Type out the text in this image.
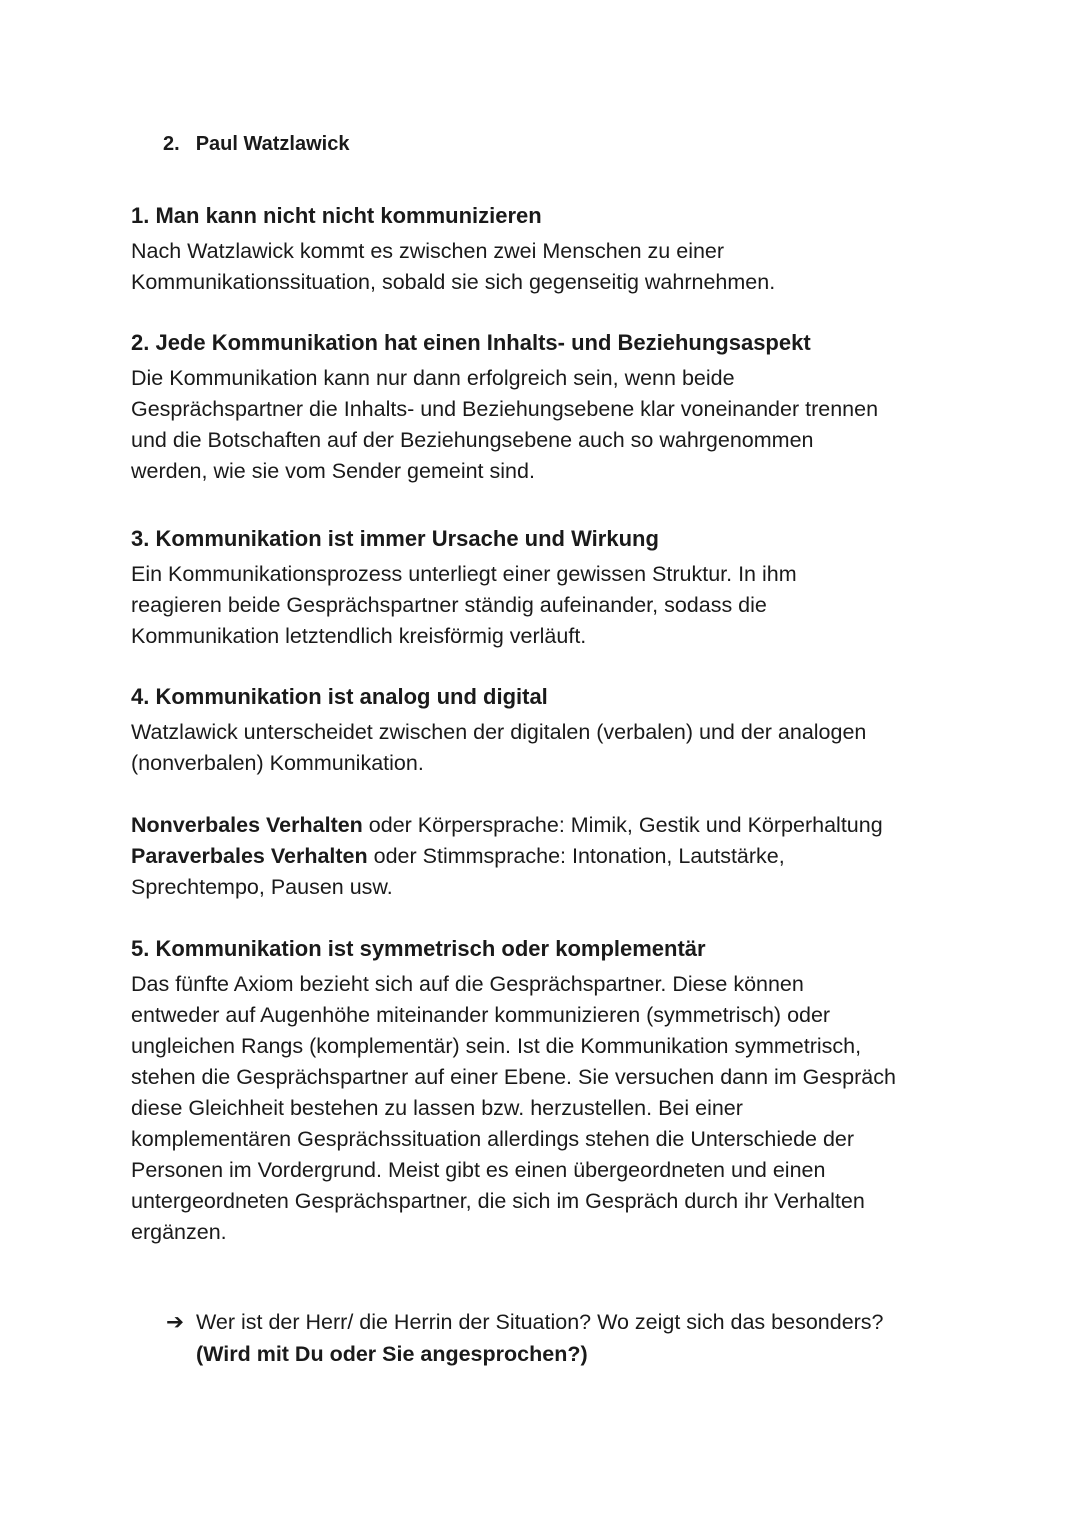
2. Paul Watzlawick
1. Man kann nicht nicht kommunizieren

Nach Watzlawick kommt es zwischen zwei Menschen zu einer
Kommunikationssituation, sobald sie sich gegenseitig wahrnehmen.

2. Jede Kommunikation hat einen Inhalts- und Beziehungsaspekt

Die Kommunikation kann nur dann erfolgreich sein, wenn beide
Gesprächspartner die Inhalts- und Beziehungsebene klar voneinander trennen
und die Botschaften auf der Beziehungsebene auch so wahrgenommen
werden, wie sie vom Sender gemeint sind.

3. Kommunikation ist immer Ursache und Wirkung

Ein Kommunikationsprozess unterliegt einer gewissen Struktur. In ihm
reagieren beide Gesprächspartner ständig aufeinander, sodass die
Kommunikation letztendlich kreisförmig verläuft.

4. Kommunikation ist analog und digital

Watzlawick unterscheidet zwischen der digitalen (verbalen) und der analogen
(nonverbalen) Kommunikation.

Nonverbales Verhalten oder Körpersprache: Mimik, Gestik und Körperhaltung

Paraverbales Verhalten oder Stimmsprache: Intonation, Lautstärke,

Sprechtempo, Pausen usw.

5. Kommunikation ist symmetrisch oder komplementär

Das fünfte Axiom bezieht sich auf die Gesprächspartner. Diese können
entweder auf Augenhöhe miteinander kommunizieren (symmetrisch) oder
ungleichen Rangs (komplementär) sein. Ist die Kommunikation symmetrisch,
stehen die Gesprächspartner auf einer Ebene. Sie versuchen dann im Gespräch
diese Gleichheit bestehen zu lassen bzw. herzustellen. Bei einer
komplementären Gesprächssituation allerdings stehen die Unterschiede der
Personen im Vordergrund. Meist gibt es einen übergeordneten und einen
untergeordneten Gesprächspartner, die sich im Gespräch durch ihr Verhalten
ergänzen.

➔ Wer ist der Herr/ die Herrin der Situation? Wo zeigt sich das besonders?
(Wird mit Du oder Sie angesprochen?)
